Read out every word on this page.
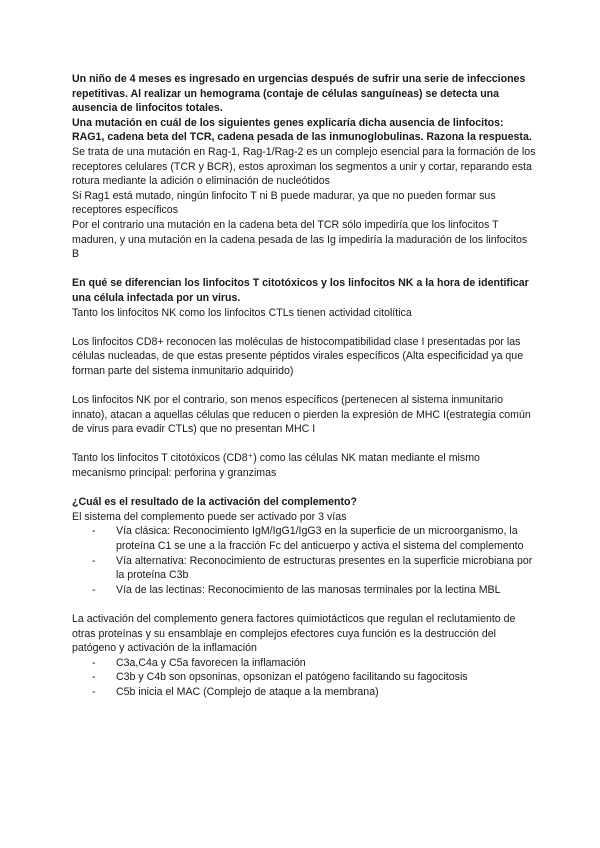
Un niño de 4 meses es ingresado en urgencias después de sufrir una serie de infecciones repetitivas. Al realizar un hemograma (contaje de células sanguíneas) se detecta una ausencia de linfocitos totales.

Una mutación en cuál de los siguientes genes explicaría dicha ausencia de linfocitos: RAG1, cadena beta del TCR, cadena pesada de las inmunoglobulinas. Razona la respuesta.

Se trata de una mutación en Rag-1, Rag-1/Rag-2 es un complejo esencial para la formación de los receptores celulares (TCR y BCR), estos aproximan los segmentos a unir y cortar, reparando esta rotura mediante la adición o eliminación de nucleótidos

Si Rag1 está mutado, ningún linfocito T ni B puede madurar, ya que no pueden formar sus receptores específicos

Por el contrario una mutación en la cadena beta del TCR sólo impediría que los linfocitos T maduren, y una mutación en la cadena pesada de las Ig impediría la maduración de los linfocitos B

En qué se diferencian los linfocitos T citotóxicos y los linfocitos NK a la hora de identificar una célula infectada por un virus.

Tanto los linfocitos NK como los linfocitos CTLs tienen actividad citolítica

Los linfocitos CD8+ reconocen las moléculas de histocompatibilidad clase I presentadas por las células nucleadas, de que estas presente péptidos virales específicos (Alta especificidad ya que forman parte del sistema inmunitario adquirido)

Los linfocitos NK por el contrario, son menos específicos (pertenecen al sistema inmunitario innato), atacan a aquellas células que reducen o pierden la expresión de MHC I(estrategia común de virus para evadir CTLs) que no presentan MHC I

Tanto los linfocitos T citotóxicos (CD8⁺) como las células NK matan mediante el mismo mecanismo principal: perforina y granzimas

¿Cuál es el resultado de la activación del complemento?

El sistema del complemento puede ser activado por 3 vías

- Vía clásica: Reconocimiento IgM/IgG1/IgG3 en la superficie de un microorganismo, la proteína C1 se une a la fracción Fc del anticuerpo y activa el sistema del complemento
- Vía alternativa: Reconocimiento de estructuras presentes en la superficie microbiana por la proteína C3b
- Vía de las lectinas: Reconocimiento de las manosas terminales por la lectina MBL

La activación del complemento genera factores quimiotácticos que regulan el reclutamiento de otras proteínas y su ensamblaje en complejos efectores cuya función es la destrucción del patógeno y activación de la inflamación

- C3a,C4a y C5a favorecen la inflamación
- C3b y C4b son opsoninas, opsonizan el patógeno facilitando su fagocitosis
- C5b inicia el MAC (Complejo de ataque a la membrana)
